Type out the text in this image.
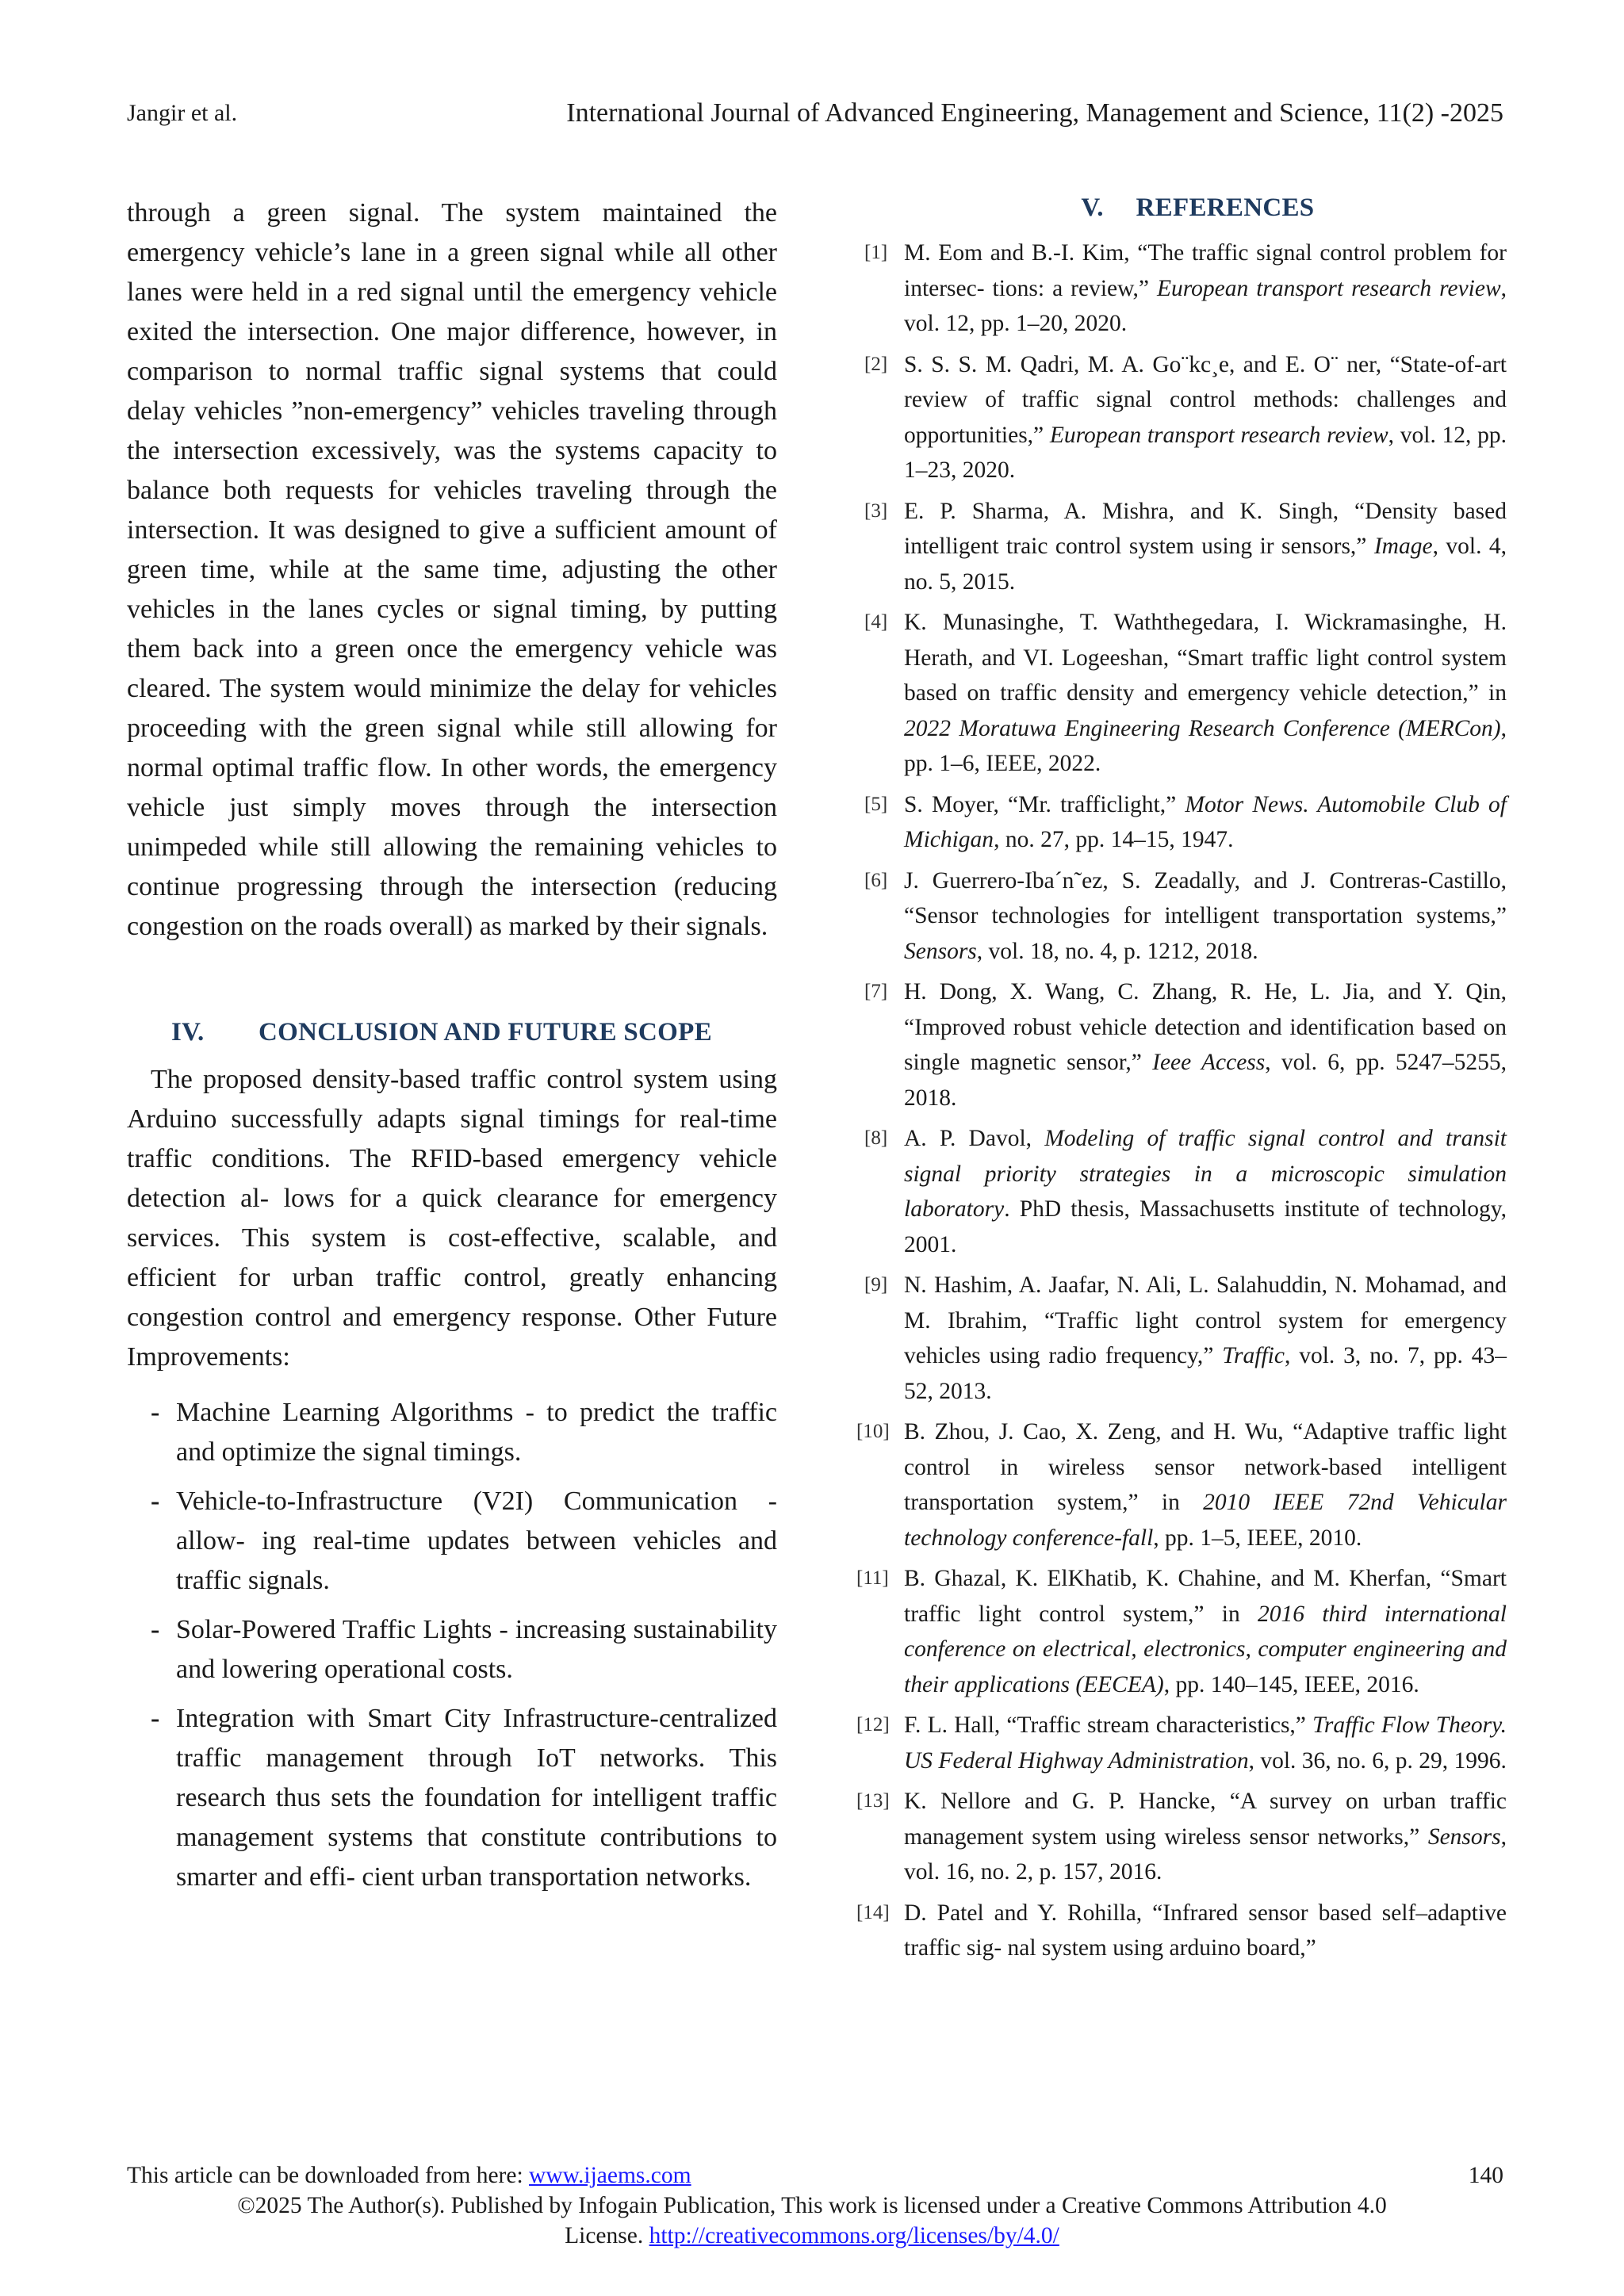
Jangir et al.	International Journal of Advanced Engineering, Management and Science, 11(2) -2025

through a green signal. The system maintained the emergency vehicle’s lane in a green signal while all other lanes were held in a red signal until the emergency vehicle exited the intersection. One major difference, however, in comparison to normal traffic signal systems that could delay vehicles ”non-emergency” vehicles traveling through the intersection excessively, was the systems capacity to balance both requests for vehicles traveling through the intersection. It was designed to give a sufficient amount of green time, while at the same time, adjusting the other vehicles in the lanes cycles or signal timing, by putting them back into a green once the emergency vehicle was cleared. The system would minimize the delay for vehicles proceeding with the green signal while still allowing for normal optimal traffic flow. In other words, the emergency vehicle just simply moves through the intersection unimpeded while still allowing the remaining vehicles to continue progressing through the intersection (reducing congestion on the roads overall) as marked by their signals.

IV. CONCLUSION AND FUTURE SCOPE

The proposed density-based traffic control system using Arduino successfully adapts signal timings for real-time traffic conditions. The RFID-based emergency vehicle detection al- lows for a quick clearance for emergency services. This system is cost-effective, scalable, and efficient for urban traffic control, greatly enhancing congestion control and emergency response. Other Future Improvements:

- Machine Learning Algorithms - to predict the traffic and optimize the signal timings.
- Vehicle-to-Infrastructure (V2I) Communication - allow- ing real-time updates between vehicles and traffic signals.
- Solar-Powered Traffic Lights - increasing sustainability and lowering operational costs.
- Integration with Smart City Infrastructure-centralized traffic management through IoT networks. This research thus sets the foundation for intelligent traffic management systems that constitute contributions to smarter and effi- cient urban transportation networks.
V. REFERENCES
[1] M. Eom and B.-I. Kim, “The traffic signal control problem for intersec- tions: a review,” European transport research review, vol. 12, pp. 1–20, 2020.
[2] S. S. S. M. Qadri, M. A. Go¨kc¸e, and E. O¨ ner, “State-of-art review of traffic signal control methods: challenges and opportunities,” European transport research review, vol. 12, pp. 1–23, 2020.
[3] E. P. Sharma, A. Mishra, and K. Singh, “Density based intelligent traic control system using ir sensors,” Image, vol. 4, no. 5, 2015.
[4] K. Munasinghe, T. Waththegedara, I. Wickramasinghe, H. Herath, and VI. Logeeshan, “Smart traffic light control system based on traffic density and emergency vehicle detection,” in 2022 Moratuwa Engineering Research Conference (MERCon), pp. 1–6, IEEE, 2022.
[5] S. Moyer, “Mr. trafficlight,” Motor News. Automobile Club of Michigan, no. 27, pp. 14–15, 1947.
[6] J. Guerrero-Iba´n˜ez, S. Zeadally, and J. Contreras-Castillo, “Sensor technologies for intelligent transportation systems,” Sensors, vol. 18, no. 4, p. 1212, 2018.
[7] H. Dong, X. Wang, C. Zhang, R. He, L. Jia, and Y. Qin, “Improved robust vehicle detection and identification based on single magnetic sensor,” Ieee Access, vol. 6, pp. 5247–5255, 2018.
[8] A. P. Davol, Modeling of traffic signal control and transit signal priority strategies in a microscopic simulation laboratory. PhD thesis, Massachusetts institute of technology, 2001.
[9] N. Hashim, A. Jaafar, N. Ali, L. Salahuddin, N. Mohamad, and M. Ibrahim, “Traffic light control system for emergency vehicles using radio frequency,” Traffic, vol. 3, no. 7, pp. 43–52, 2013.
[10] B. Zhou, J. Cao, X. Zeng, and H. Wu, “Adaptive traffic light control in wireless sensor network-based intelligent transportation system,” in 2010 IEEE 72nd Vehicular technology conference-fall, pp. 1–5, IEEE, 2010.
[11] B. Ghazal, K. ElKhatib, K. Chahine, and M. Kherfan, “Smart traffic light control system,” in 2016 third international conference on electrical, electronics, computer engineering and their applications (EECEA), pp. 140–145, IEEE, 2016.
[12] F. L. Hall, “Traffic stream characteristics,” Traffic Flow Theory. US Federal Highway Administration, vol. 36, no. 6, p. 29, 1996.
[13] K. Nellore and G. P. Hancke, “A survey on urban traffic management system using wireless sensor networks,” Sensors, vol. 16, no. 2, p. 157, 2016.
[14] D. Patel and Y. Rohilla, “Infrared sensor based self–adaptive traffic sig- nal system using arduino board,”
This article can be downloaded from here: www.ijaems.com	140
©2025 The Author(s). Published by Infogain Publication, This work is licensed under a Creative Commons Attribution 4.0
License. http://creativecommons.org/licenses/by/4.0/
